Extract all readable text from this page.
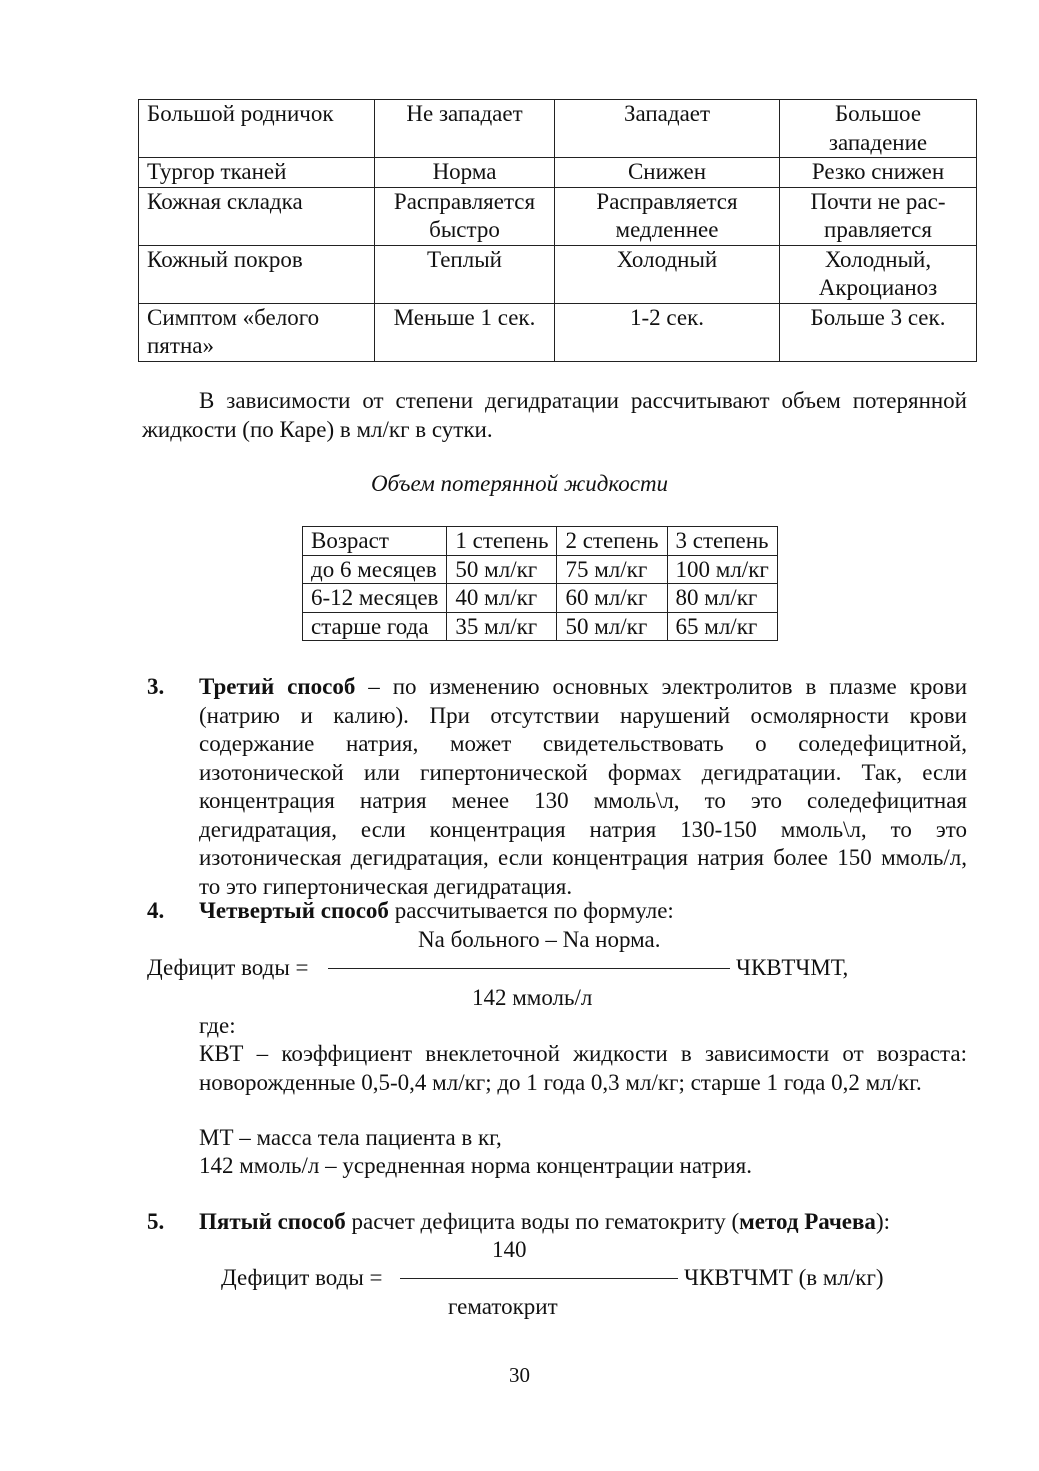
Большой родничок	Не западает	Западает	Большое западение
Тургор тканей	Норма	Снижен	Резко снижен
Кожная складка	Расправляется быстро	Расправляется медленнее	Почти не рас-правляется
Кожный покров	Теплый	Холодный	Холодный, Акроцианоз
Симптом «белого пятна»	Меньше 1 сек.	1-2 сек.	Больше 3 сек.
В зависимости от степени дегидратации рассчитывают объем потерянной жидкости (по Каре) в мл/кг в сутки.
Объем потерянной жидкости
Возраст	1 степень	2 степень	3 степень
до 6 месяцев	50 мл/кг	75 мл/кг	100 мл/кг
6-12 месяцев	40 мл/кг	60 мл/кг	80 мл/кг
старше года	35 мл/кг	50 мл/кг	65 мл/кг
3. Третий способ – по изменению основных электролитов в плазме крови (натрию и калию). При отсутствии нарушений осмолярности крови содержание натрия, может свидетельствовать о соледефицитной, изотонической или гипертонической формах дегидратации. Так, если концентрация натрия менее 130 ммоль\л, то это соледефицитная дегидратация, если концентрация натрия 130-150 ммоль\л, то это изотоническая дегидратация, если концентрация натрия более 150 ммоль/л, то это гипертоническая дегидратация.
4. Четвертый способ рассчитывается по формуле:
Na больного – Na норма.
Дефицит воды =	ЧКВТЧМТ,
142 ммоль/л
где:
КВТ – коэффициент внеклеточной жидкости в зависимости от возраста: новорожденные 0,5-0,4 мл/кг; до 1 года 0,3 мл/кг; старше 1 года 0,2 мл/кг.
МТ – масса тела пациента в кг,
142 ммоль/л – усредненная норма концентрации натрия.
5. Пятый способ расчет дефицита воды по гематокриту (метод Рачева):
140
Дефицит воды =	ЧКВТЧМТ (в мл/кг)
гематокрит
30
